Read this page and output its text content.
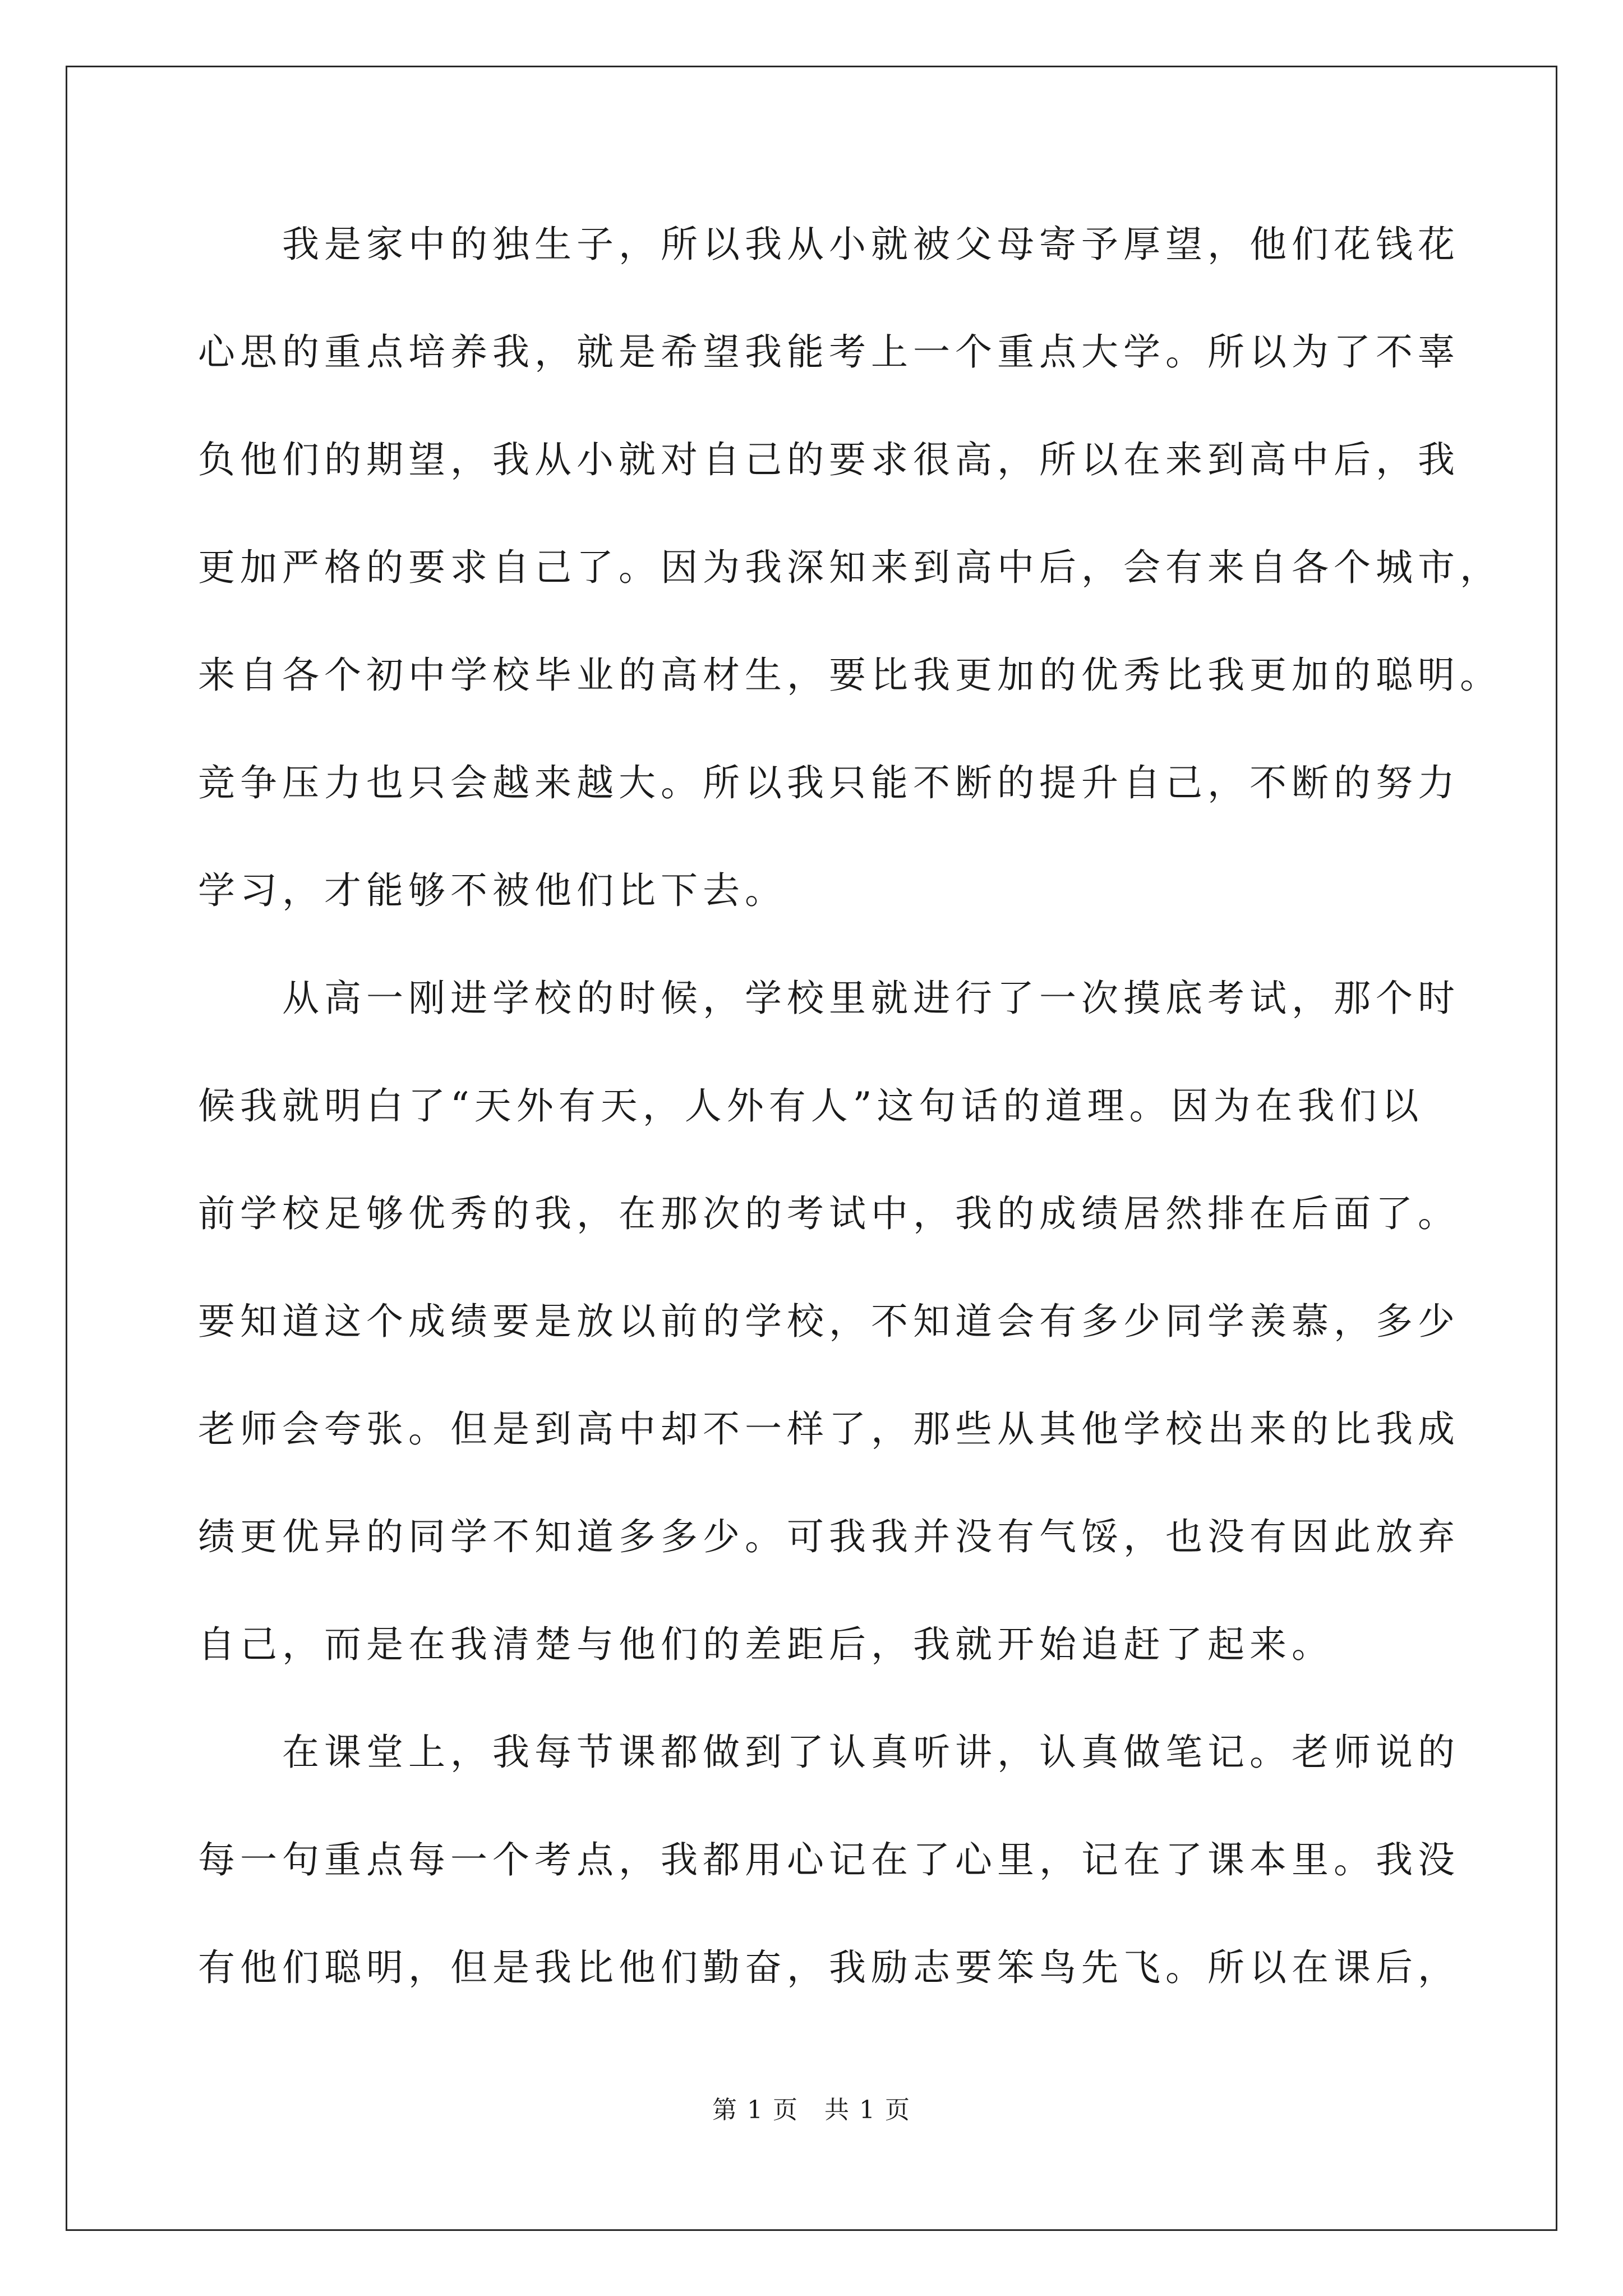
我是家中的独生子，所以我从小就被父母寄予厚望，他们花钱花
心思的重点培养我，就是希望我能考上一个重点大学。所以为了不辜
负他们的期望，我从小就对自己的要求很高，所以在来到高中后，我
更加严格的要求自己了。因为我深知来到高中后，会有来自各个城市，
来自各个初中学校毕业的高材生，要比我更加的优秀比我更加的聪明。
竞争压力也只会越来越大。所以我只能不断的提升自己，不断的努力
学习，才能够不被他们比下去。
从高一刚进学校的时候，学校里就进行了一次摸底考试，那个时
候我就明白了“天外有天，人外有人”这句话的道理。因为在我们以
前学校足够优秀的我，在那次的考试中，我的成绩居然排在后面了。
要知道这个成绩要是放以前的学校，不知道会有多少同学羡慕，多少
老师会夸张。但是到高中却不一样了，那些从其他学校出来的比我成
绩更优异的同学不知道多多少。可我我并没有气馁，也没有因此放弃
自己，而是在我清楚与他们的差距后，我就开始追赶了起来。
在课堂上，我每节课都做到了认真听讲，认真做笔记。老师说的
每一句重点每一个考点，我都用心记在了心里，记在了课本里。我没
有他们聪明，但是我比他们勤奋，我励志要笨鸟先飞。所以在课后，
第 1 页　共 1 页
